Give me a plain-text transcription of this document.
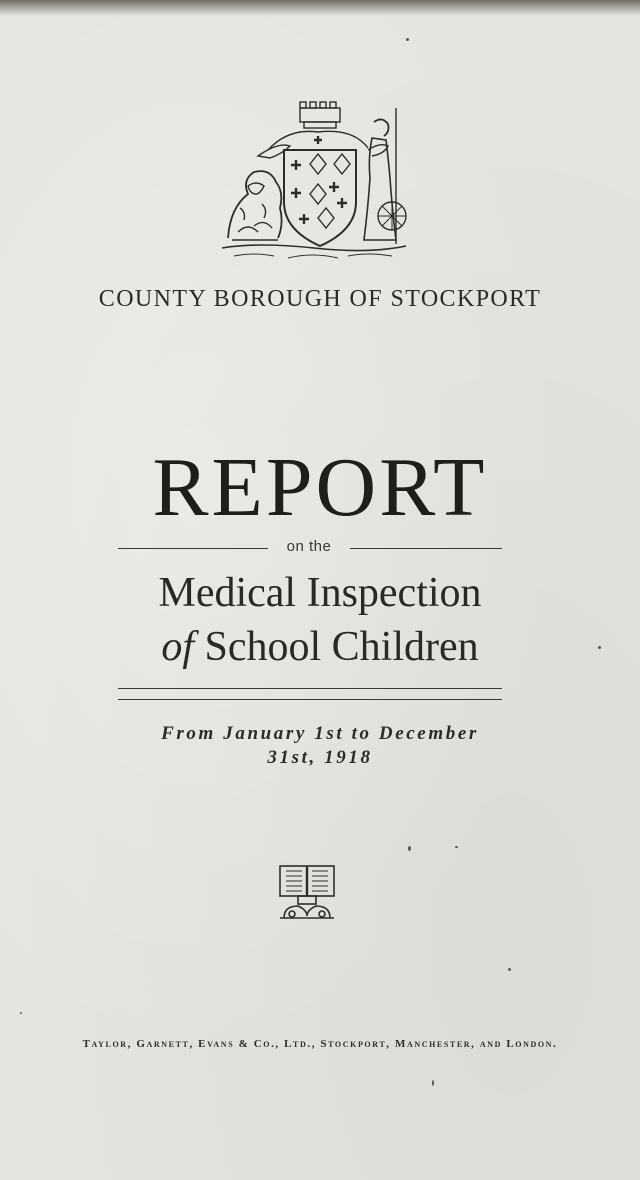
COUNTY BOROUGH OF STOCKPORT
REPORT
on the
Medical Inspection
of School Children
From January 1st to December
31st, 1918
Taylor, Garnett, Evans & Co., Ltd., Stockport, Manchester, and London.
